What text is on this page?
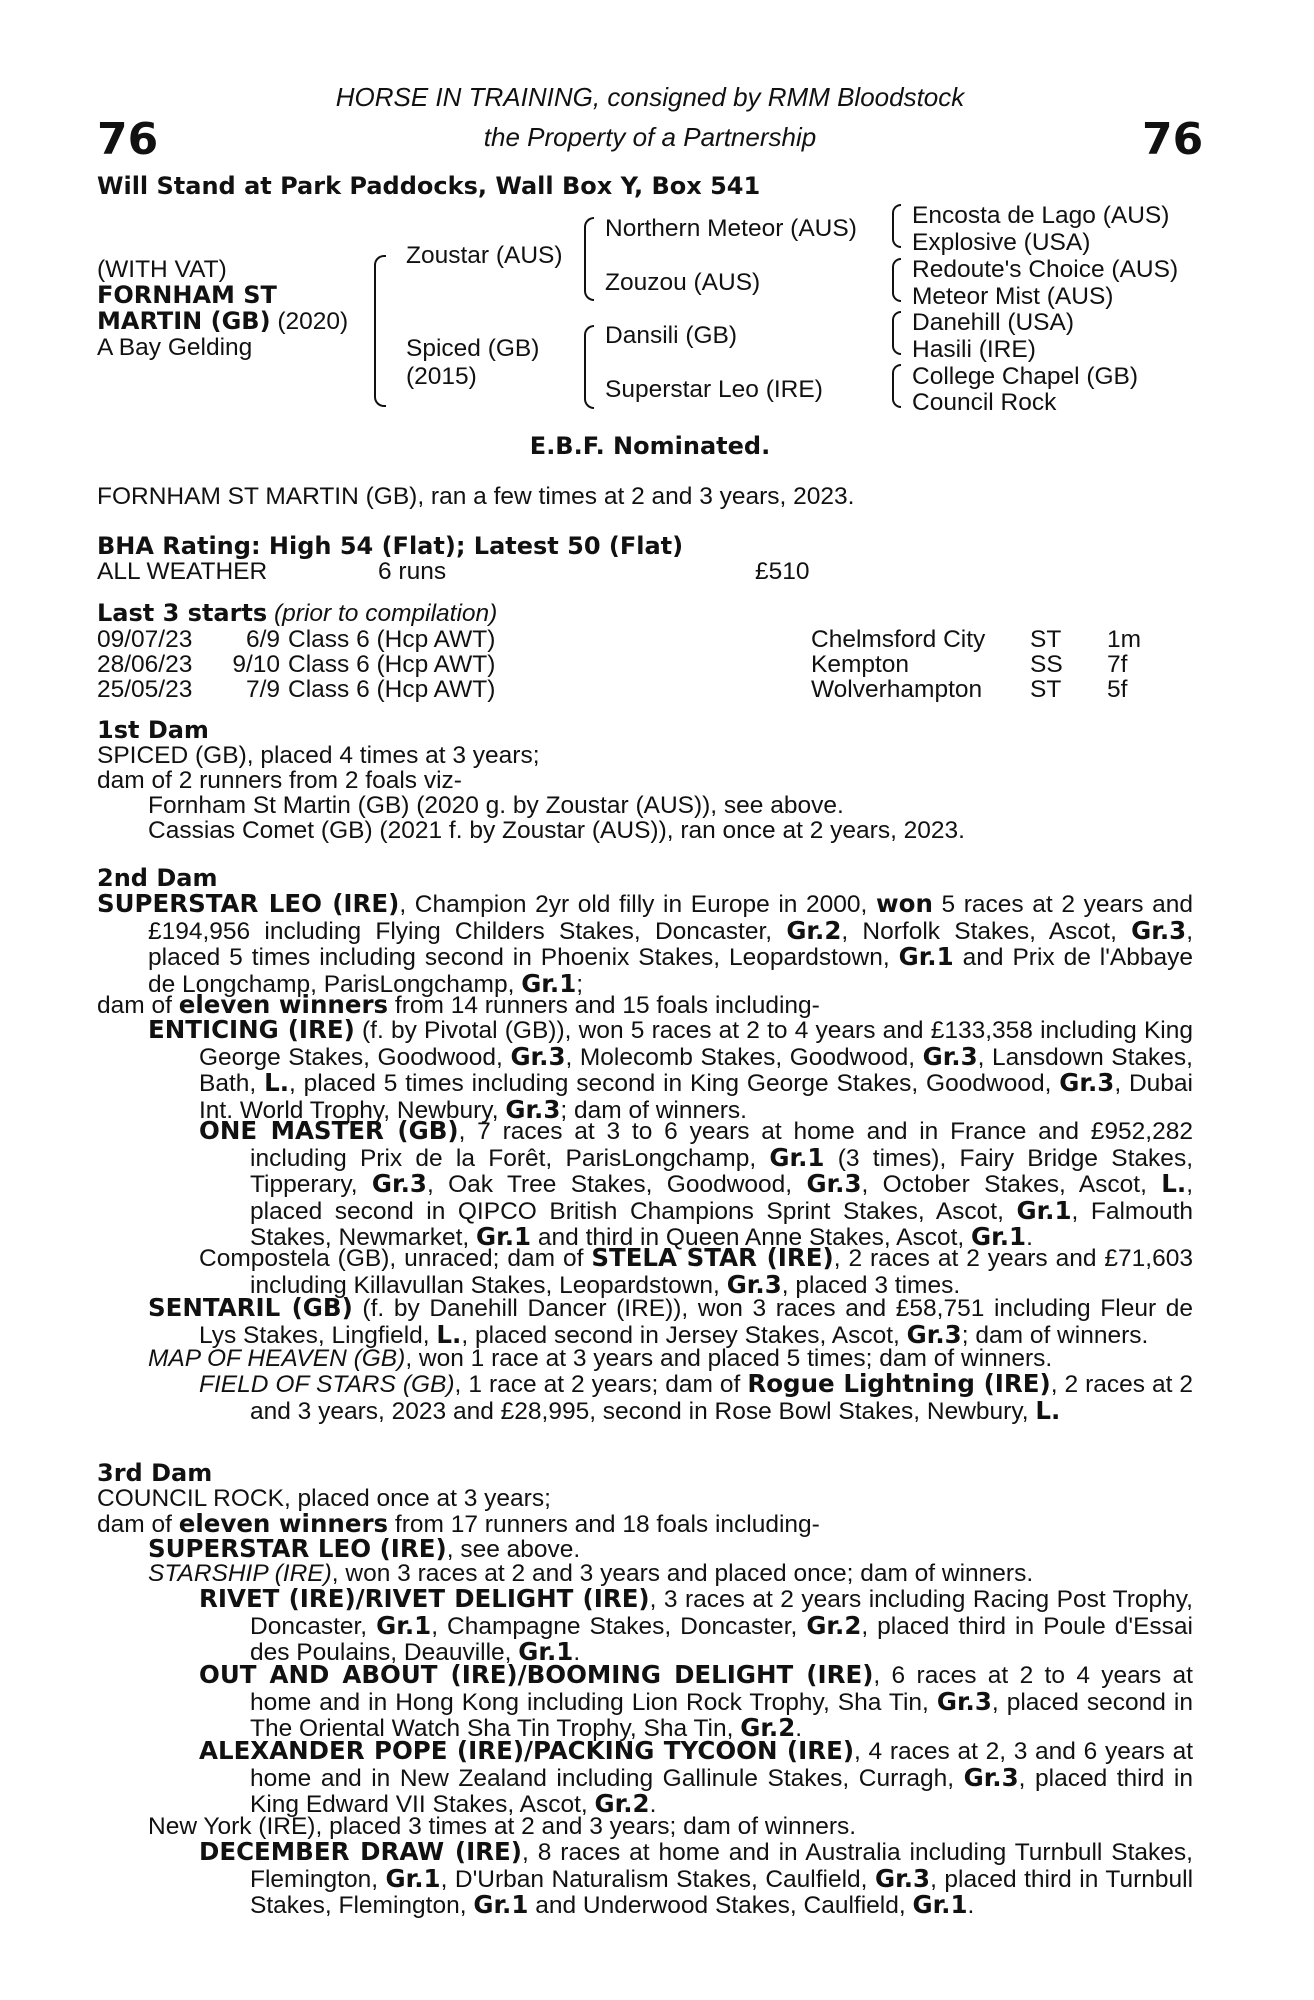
76	76
HORSE IN TRAINING, consigned by RMM Bloodstock
the Property of a Partnership
Will Stand at Park Paddocks, Wall Box Y, Box 541
(WITH VAT)
FORNHAM ST
MARTIN (GB) (2020)
A Bay Gelding
Zoustar (AUS)
Spiced (GB)
(2015)
Northern Meteor (AUS)
Zouzou (AUS)
Dansili (GB)
Superstar Leo (IRE)
Encosta de Lago (AUS)
Explosive (USA)
Redoute's Choice (AUS)
Meteor Mist (AUS)
Danehill (USA)
Hasili (IRE)
College Chapel (GB)
Council Rock
E.B.F. Nominated.
FORNHAM ST MARTIN (GB), ran a few times at 2 and 3 years, 2023.
BHA Rating: High 54 (Flat); Latest 50 (Flat)
ALL WEATHER	6 runs	£510
Last 3 starts (prior to compilation)
09/07/23	6/9 Class 6 (Hcp AWT)	Chelmsford City ST 1m
28/06/23	9/10 Class 6 (Hcp AWT)	Kempton	SS 7f
25/05/23	7/9 Class 6 (Hcp AWT)	Wolverhampton ST 5f
1st Dam
SPICED (GB), placed 4 times at 3 years;
dam of 2 runners from 2 foals viz-
Fornham St Martin (GB) (2020 g. by Zoustar (AUS)), see above.
Cassias Comet (GB) (2021 f. by Zoustar (AUS)), ran once at 2 years, 2023.
2nd Dam

SUPERSTAR LEO (IRE), Champion 2yr old filly in Europe in 2000, won 5 races at 2 years and £194,956 including Flying Childers Stakes, Doncaster, Gr.2, Norfolk Stakes, Ascot, Gr.3, placed 5 times including second in Phoenix Stakes, Leopardstown, Gr.1 and Prix de l'Abbaye de Longchamp, ParisLongchamp, Gr.1;

dam of eleven winners from 14 runners and 15 foals including-

ENTICING (IRE) (f. by Pivotal (GB)), won 5 races at 2 to 4 years and £133,358 including King George Stakes, Goodwood, Gr.3, Molecomb Stakes, Goodwood, Gr.3, Lansdown Stakes, Bath, L., placed 5 times including second in King George Stakes, Goodwood, Gr.3, Dubai Int. World Trophy, Newbury, Gr.3; dam of winners.

ONE MASTER (GB), 7 races at 3 to 6 years at home and in France and £952,282 including Prix de la Forêt, ParisLongchamp, Gr.1 (3 times), Fairy Bridge Stakes, Tipperary, Gr.3, Oak Tree Stakes, Goodwood, Gr.3, October Stakes, Ascot, L., placed second in QIPCO British Champions Sprint Stakes, Ascot, Gr.1, Falmouth Stakes, Newmarket, Gr.1 and third in Queen Anne Stakes, Ascot, Gr.1.

Compostela (GB), unraced; dam of STELA STAR (IRE), 2 races at 2 years and £71,603 including Killavullan Stakes, Leopardstown, Gr.3, placed 3 times.

SENTARIL (GB) (f. by Danehill Dancer (IRE)), won 3 races and £58,751 including Fleur de Lys Stakes, Lingfield, L., placed second in Jersey Stakes, Ascot, Gr.3; dam of winners.

MAP OF HEAVEN (GB), won 1 race at 3 years and placed 5 times; dam of winners.

FIELD OF STARS (GB), 1 race at 2 years; dam of Rogue Lightning (IRE), 2 races at 2 and 3 years, 2023 and £28,995, second in Rose Bowl Stakes, Newbury, L.

3rd Dam
COUNCIL ROCK, placed once at 3 years;
dam of eleven winners from 17 runners and 18 foals including-
SUPERSTAR LEO (IRE), see above.
STARSHIP (IRE), won 3 races at 2 and 3 years and placed once; dam of winners.

RIVET (IRE)/RIVET DELIGHT (IRE), 3 races at 2 years including Racing Post Trophy, Doncaster, Gr.1, Champagne Stakes, Doncaster, Gr.2, placed third in Poule d'Essai des Poulains, Deauville, Gr.1.

OUT AND ABOUT (IRE)/BOOMING DELIGHT (IRE), 6 races at 2 to 4 years at home and in Hong Kong including Lion Rock Trophy, Sha Tin, Gr.3, placed second in The Oriental Watch Sha Tin Trophy, Sha Tin, Gr.2.

ALEXANDER POPE (IRE)/PACKING TYCOON (IRE), 4 races at 2, 3 and 6 years at home and in New Zealand including Gallinule Stakes, Curragh, Gr.3, placed third in King Edward VII Stakes, Ascot, Gr.2.

New York (IRE), placed 3 times at 2 and 3 years; dam of winners.

DECEMBER DRAW (IRE), 8 races at home and in Australia including Turnbull Stakes, Flemington, Gr.1, D'Urban Naturalism Stakes, Caulfield, Gr.3, placed third in Turnbull Stakes, Flemington, Gr.1 and Underwood Stakes, Caulfield, Gr.1.
